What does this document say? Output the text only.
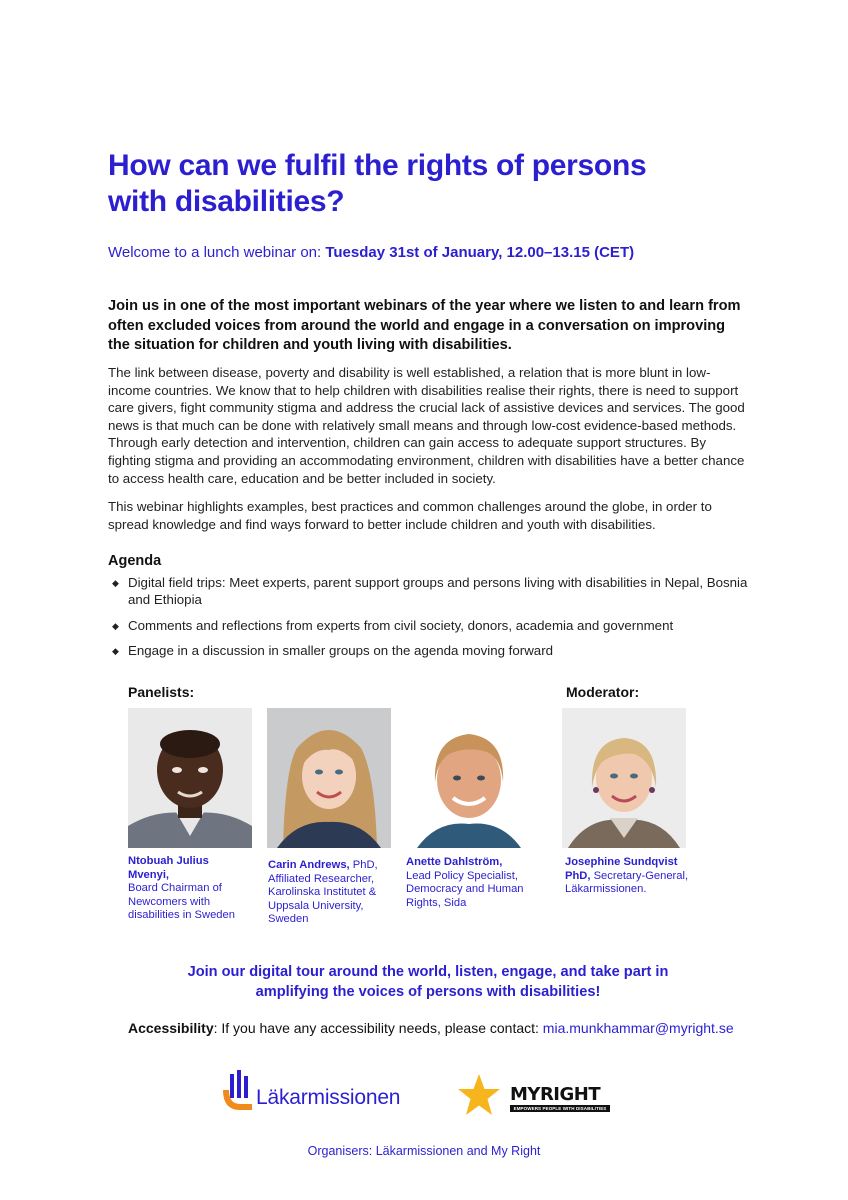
How can we fulfil the rights of persons
with disabilities?
Welcome to a lunch webinar on: Tuesday 31st of January, 12.00–13.15 (CET)
Join us in one of the most important webinars of the year where we listen to and learn from often excluded voices from around the world and engage in a conversation on improving the situation for children and youth living with disabilities.
The link between disease, poverty and disability is well established, a relation that is more blunt in low-income countries. We know that to help children with disabilities realise their rights, there is need to support care givers, fight community stigma and address the crucial lack of assistive devices and services. The good news is that much can be done with relatively small means and through low-cost evidence-based methods. Through early detection and intervention, children can gain access to adequate support structures. By fighting stigma and providing an accommodating environment, children with disabilities have a better chance to access health care, education and be better included in society.
This webinar highlights examples, best practices and common challenges around the globe, in order to spread knowledge and find ways forward to better include children and youth with disabilities.
Agenda
◆ Digital field trips: Meet experts, parent support groups and persons living with disabilities in Nepal, Bosnia and Ethiopia
◆ Comments and reflections from experts from civil society, donors, academia and government
◆ Engage in a discussion in smaller groups on the agenda moving forward
Panelists:	Moderator:
Ntobuah Julius Mvenyi,
Board Chairman of Newcomers with disabilities in Sweden
Carin Andrews, PhD, Affiliated Researcher, Karolinska Institutet & Uppsala University, Sweden
Anette Dahlström,
Lead Policy Specialist, Democracy and Human Rights, Sida
Josephine Sundqvist PhD, Secretary-General, Läkarmissionen.
Join our digital tour around the world, listen, engage, and take part in
amplifying the voices of persons with disabilities!
Accessibility: If you have any accessibility needs, please contact: mia.munkhammar@myright.se
Läkarmissionen	MYRIGHT
EMPOWERS PEOPLE WITH DISABILITIES
Organisers: Läkarmissionen and My Right
